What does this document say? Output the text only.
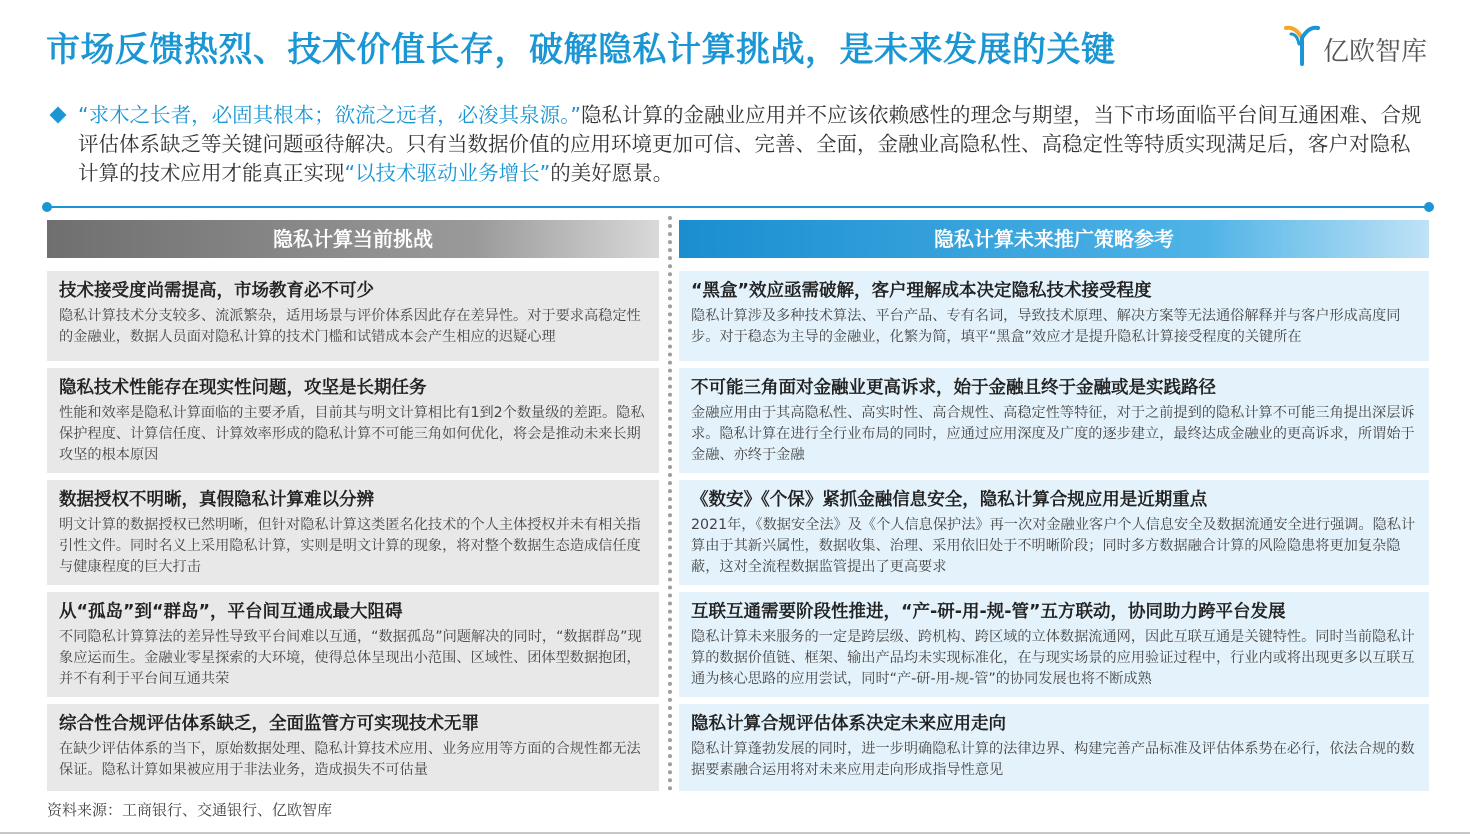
市场反馈热烈、技术价值长存，破解隐私计算挑战，是未来发展的关键	亿欧智库
“求木之长者，必固其根本；欲流之远者，必浚其泉源。”隐私计算的金融业应用并不应该依赖感性的理念与期望，当下市场面临平台间互通困难、合规评估体系缺乏等关键问题亟待解决。只有当数据价值的应用环境更加可信、完善、全面，金融业高隐私性、高稳定性等特质实现满足后，客户对隐私计算的技术应用才能真正实现“以技术驱动业务增长”的美好愿景。
隐私计算当前挑战
技术接受度尚需提高，市场教育必不可少
隐私计算技术分支较多、流派繁杂，适用场景与评价体系因此存在差异性。对于要求高稳定性的金融业，数据人员面对隐私计算的技术门槛和试错成本会产生相应的迟疑心理
隐私技术性能存在现实性问题，攻坚是长期任务
性能和效率是隐私计算面临的主要矛盾，目前其与明文计算相比有1到2个数量级的差距。隐私保护程度、计算信任度、计算效率形成的隐私计算不可能三角如何优化，将会是推动未来长期攻坚的根本原因
数据授权不明晰，真假隐私计算难以分辨
明文计算的数据授权已然明晰，但针对隐私计算这类匿名化技术的个人主体授权并未有相关指引性文件。同时名义上采用隐私计算，实则是明文计算的现象，将对整个数据生态造成信任度与健康程度的巨大打击
从“孤岛”到“群岛”，平台间互通成最大阻碍
不同隐私计算算法的差异性导致平台间难以互通，“数据孤岛”问题解决的同时，“数据群岛”现象应运而生。金融业零星探索的大环境，使得总体呈现出小范围、区域性、团体型数据抱团，并不有利于平台间互通共荣
综合性合规评估体系缺乏，全面监管方可实现技术无罪
在缺少评估体系的当下，原始数据处理、隐私计算技术应用、业务应用等方面的合规性都无法保证。隐私计算如果被应用于非法业务，造成损失不可估量
隐私计算未来推广策略参考
“黑盒”效应亟需破解，客户理解成本决定隐私技术接受程度
隐私计算涉及多种技术算法、平台产品、专有名词，导致技术原理、解决方案等无法通俗解释并与客户形成高度同步。对于稳态为主导的金融业，化繁为简，填平“黑盒”效应才是提升隐私计算接受程度的关键所在
不可能三角面对金融业更高诉求，始于金融且终于金融或是实践路径
金融应用由于其高隐私性、高实时性、高合规性、高稳定性等特征，对于之前提到的隐私计算不可能三角提出深层诉求。隐私计算在进行全行业布局的同时，应通过应用深度及广度的逐步建立，最终达成金融业的更高诉求，所谓始于金融、亦终于金融
《数安》《个保》紧抓金融信息安全，隐私计算合规应用是近期重点
2021年，《数据安全法》及《个人信息保护法》再一次对金融业客户个人信息安全及数据流通安全进行强调。隐私计算由于其新兴属性，数据收集、治理、采用依旧处于不明晰阶段；同时多方数据融合计算的风险隐患将更加复杂隐蔽，这对全流程数据监管提出了更高要求
互联互通需要阶段性推进，“产-研-用-规-管”五方联动，协同助力跨平台发展
隐私计算未来服务的一定是跨层级、跨机构、跨区域的立体数据流通网，因此互联互通是关键特性。同时当前隐私计算的数据价值链、框架、输出产品均未实现标准化，在与现实场景的应用验证过程中，行业内或将出现更多以互联互通为核心思路的应用尝试，同时“产-研-用-规-管”的协同发展也将不断成熟
隐私计算合规评估体系决定未来应用走向
隐私计算蓬勃发展的同时，进一步明确隐私计算的法律边界、构建完善产品标准及评估体系势在必行，依法合规的数据要素融合运用将对未来应用走向形成指导性意见
资料来源：工商银行、交通银行、亿欧智库
